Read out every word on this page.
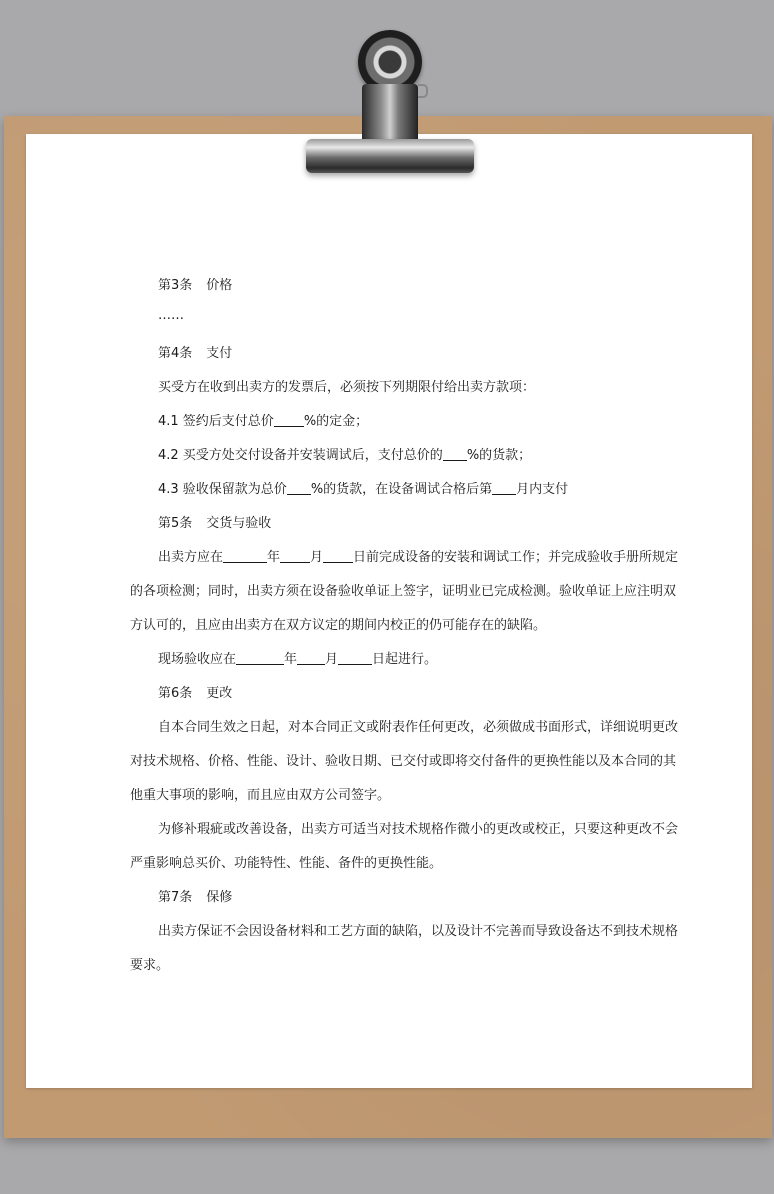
第3条 价格
……
第4条 支付
买受方在收到出卖方的发票后，必须按下列期限付给出卖方款项：
4.1 签约后支付总价 %的定金；
4.2 买受方处交付设备并安装调试后，支付总价的 %的货款；
4.3 验收保留款为总价 %的货款，在设备调试合格后第 月内支付
第5条 交货与验收
出卖方应在	年 月 日前完成设备的安装和调试工作；并完成验收手册所规定
的各项检测；同时，出卖方须在设备验收单证上签字，证明业已完成检测。验收单证上应注明双
方认可的，且应由出卖方在双方议定的期间内校正的仍可能存在的缺陷。
现场验收应在	年 月	日起进行。
第6条 更改
自本合同生效之日起，对本合同正文或附表作任何更改，必须做成书面形式，详细说明更改
对技术规格、价格、性能、设计、验收日期、已交付或即将交付备件的更换性能以及本合同的其
他重大事项的影响，而且应由双方公司签字。
为修补瑕疵或改善设备，出卖方可适当对技术规格作微小的更改或校正，只要这种更改不会
严重影响总买价、功能特性、性能、备件的更换性能。
第7条 保修
出卖方保证不会因设备材料和工艺方面的缺陷，以及设计不完善而导致设备达不到技术规格
要求。
